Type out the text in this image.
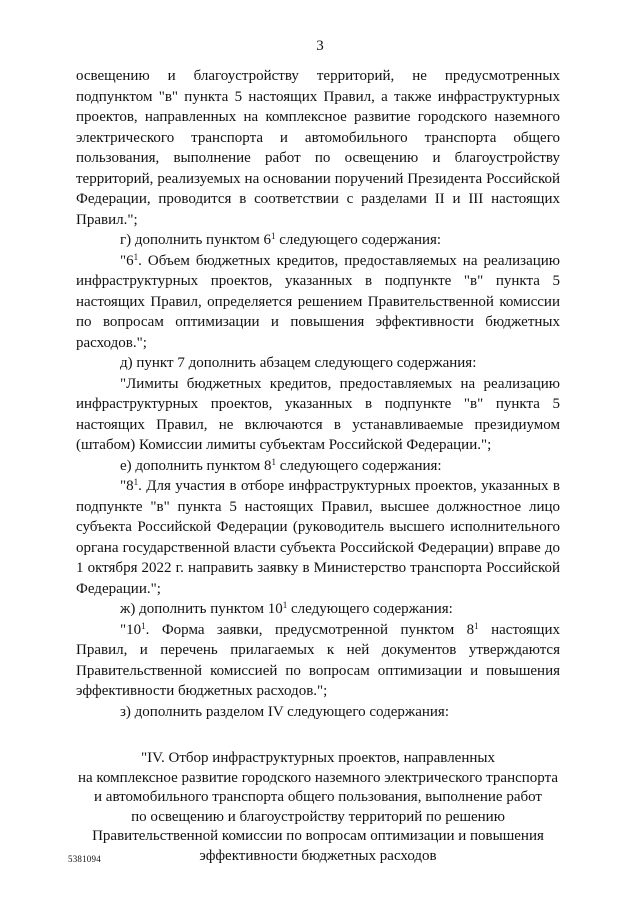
3

освещению и благоустройству территорий, не предусмотренных подпунктом "в" пункта 5 настоящих Правил, а также инфраструктурных проектов, направленных на комплексное развитие городского наземного электрического транспорта и автомобильного транспорта общего пользования, выполнение работ по освещению и благоустройству территорий, реализуемых на основании поручений Президента Российской Федерации, проводится в соответствии с разделами II и III настоящих Правил.";

г) дополнить пунктом $6^1$ следующего содержания:

"$6^1$. Объем бюджетных кредитов, предоставляемых на реализацию инфраструктурных проектов, указанных в подпункте "в" пункта 5 настоящих Правил, определяется решением Правительственной комиссии по вопросам оптимизации и повышения эффективности бюджетных расходов.";

д) пункт 7 дополнить абзацем следующего содержания:

"Лимиты бюджетных кредитов, предоставляемых на реализацию инфраструктурных проектов, указанных в подпункте "в" пункта 5 настоящих Правил, не включаются в устанавливаемые президиумом (штабом) Комиссии лимиты субъектам Российской Федерации.";

е) дополнить пунктом $8^1$ следующего содержания:

"$8^1$. Для участия в отборе инфраструктурных проектов, указанных в подпункте "в" пункта 5 настоящих Правил, высшее должностное лицо субъекта Российской Федерации (руководитель высшего исполнительного органа государственной власти субъекта Российской Федерации) вправе до 1 октября 2022 г. направить заявку в Министерство транспорта Российской Федерации.";

ж) дополнить пунктом $10^1$ следующего содержания:

"$10^1$. Форма заявки, предусмотренной пунктом $8^1$ настоящих Правил, и перечень прилагаемых к ней документов утверждаются Правительственной комиссией по вопросам оптимизации и повышения эффективности бюджетных расходов.";

з) дополнить разделом IV следующего содержания:

"IV. Отбор инфраструктурных проектов, направленных
на комплексное развитие городского наземного электрического транспорта
и автомобильного транспорта общего пользования, выполнение работ
по освещению и благоустройству территорий по решению
Правительственной комиссии по вопросам оптимизации и повышения
эффективности бюджетных расходов
5381094
